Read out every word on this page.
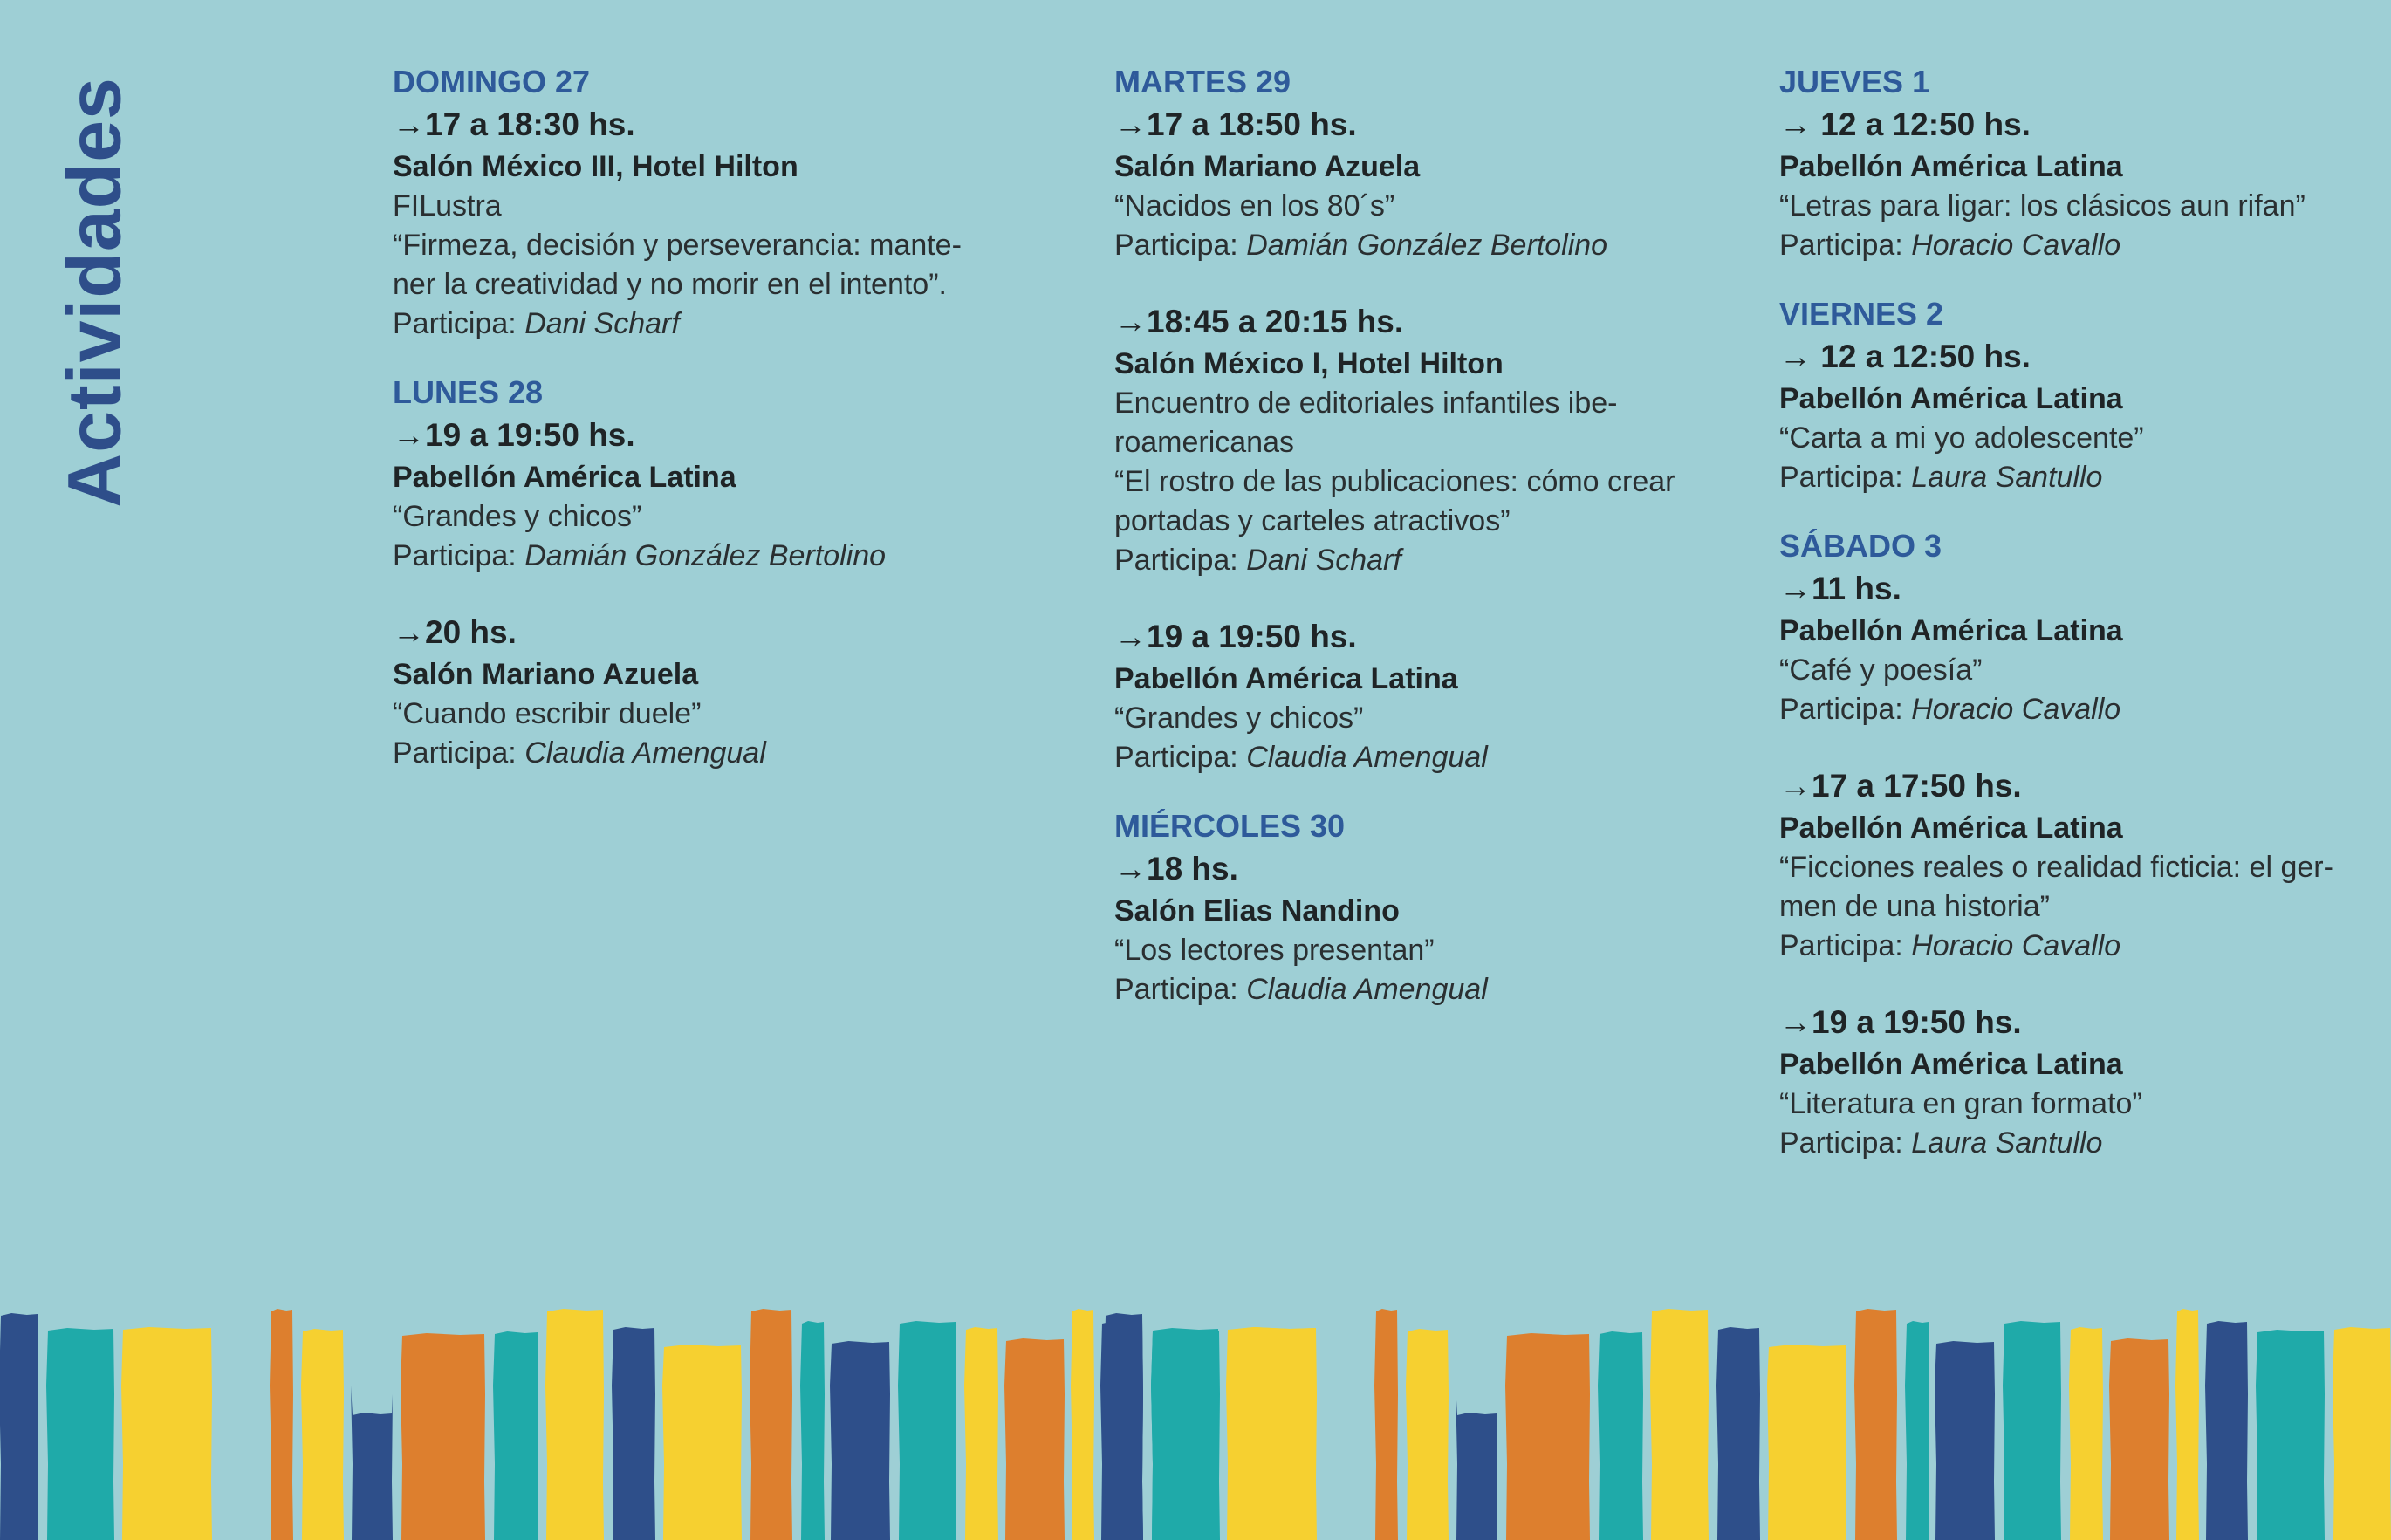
Actividades	DOMINGO 27
→17 a 18:30 hs.
Salón México III, Hotel Hilton
FILustra
“Firmeza, decisión y perseverancia: mante-
ner la creatividad y no morir en el intento”.
Participa: Dani Scharf
LUNES 28
→19 a 19:50 hs.
Pabellón América Latina
“Grandes y chicos”
Participa: Damián González Bertolino
→20 hs.
Salón Mariano Azuela
“Cuando escribir duele”
Participa: Claudia Amengual
MARTES 29
→17 a 18:50 hs.
Salón Mariano Azuela
“Nacidos en los 80´s”
Participa: Damián González Bertolino
→18:45 a 20:15 hs.
Salón México I, Hotel Hilton
Encuentro de editoriales infantiles ibe-
roamericanas
“El rostro de las publicaciones: cómo crear
portadas y carteles atractivos”
Participa: Dani Scharf
→19 a 19:50 hs.
Pabellón América Latina
“Grandes y chicos”
Participa: Claudia Amengual
MIÉRCOLES 30
→18 hs.
Salón Elias Nandino
“Los lectores presentan”
Participa: Claudia Amengual
JUEVES 1
→ 12 a 12:50 hs.
Pabellón América Latina
“Letras para ligar: los clásicos aun rifan”
Participa: Horacio Cavallo
VIERNES 2
→ 12 a 12:50 hs.
Pabellón América Latina
“Carta a mi yo adolescente”
Participa: Laura Santullo
SÁBADO 3
→11 hs.
Pabellón América Latina
“Café y poesía”
Participa: Horacio Cavallo
→17 a 17:50 hs.
Pabellón América Latina
“Ficciones reales o realidad ficticia: el ger-
men de una historia”
Participa: Horacio Cavallo
→19 a 19:50 hs.
Pabellón América Latina
“Literatura en gran formato”
Participa: Laura Santullo
